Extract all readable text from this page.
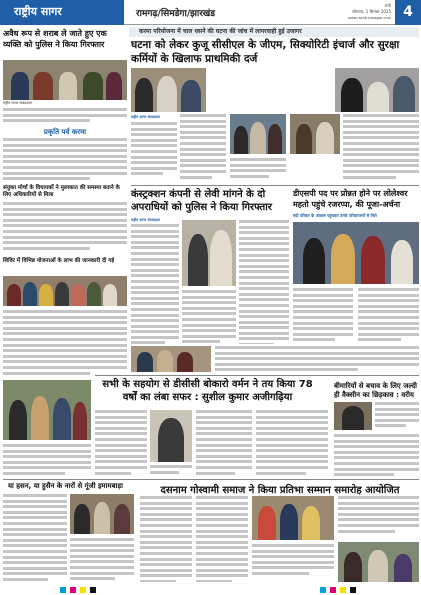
राष्ट्रीय सागर	रामगढ़/सिमडेगा/झारखंड
रांची
सोमवार, 1 सितंबर 2025
www.rashtriyasagar.com 4
करमा परियोजना में चाल धसने की घटना की जांच में लापरवाही हुई उजागर
घटना को लेकर कुजू सीसीएल के जीएम, सिक्योरिटी इंचार्ज और सुरक्षा कर्मियों के खिलाफ प्राथमिकी दर्ज
अवैध रूप से शराब ले जाते हुए एक व्यक्ति को पुलिस ने किया गिरफ्तार
राष्ट्रीय सागर संवाददाता
राष्ट्रीय सागर संवाददाता
प्रकृति पर्व करमा
संयुक्त मोर्चा के विधायकों ने मुलाकात की समस्या बताने के लिए अधिकारियों से मिला
शिविर में विभिन्न योजनाओं के लाभ की जानकारी दी गई
कंस्ट्रक्शन कंपनी से लेवी मांगने के दो अपराधियों को पुलिस ने किया गिरफ्तार
डीएसपी पद पर प्रोन्नत होने पर लोलेश्वर महतो पहुंचे रजरप्पा, की पूजा-अर्चना
मंदी परिवार के आवास पहुंचकर उनके परिवारजनों से मिले
राष्ट्रीय सागर संवाददाता
सभी के सहयोग से डीसीसी बोकारो वर्मन ने तय किया 78 वर्षों का लंबा सफर : सुशील कुमार अजीगढ़िया
बीमारियों से बचाव के लिए जल्दी ही वैक्सीन का छिड़काव : वरीय
या हसन, या हुसैन के नारों से गूंजी इमामबाड़ा	दसनाम गोस्वामी समाज ने किया प्रतिभा सम्मान समारोह आयोजित
